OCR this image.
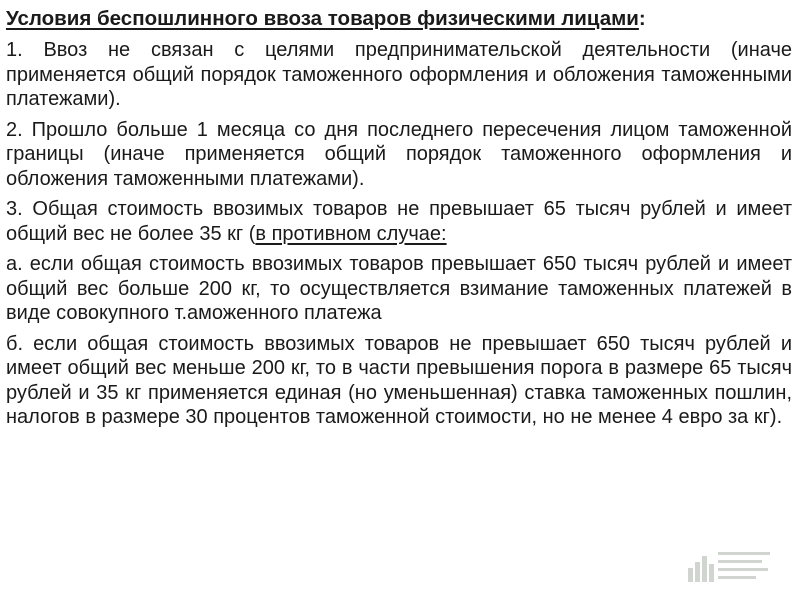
Условия беспошлинного ввоза товаров физическими лицами:
1. Ввоз не связан с целями предпринимательской деятельности (иначе применяется общий порядок таможенного оформления и обложения таможенными платежами).
2. Прошло больше 1 месяца со дня последнего пересечения лицом таможенной границы (иначе применяется общий порядок таможенного оформления и обложения таможенными платежами).
3. Общая стоимость ввозимых товаров не превышает 65 тысяч рублей и имеет общий вес не более 35 кг (в противном случае:
а. если общая стоимость ввозимых товаров превышает 650 тысяч рублей и имеет общий вес больше 200 кг, то осуществляется взимание таможенных платежей в виде совокупного т.аможенного платежа
б. если общая стоимость ввозимых товаров не превышает 650 тысяч рублей и имеет общий вес меньше 200 кг, то в части превышения порога в размере 65 тысяч рублей и 35 кг применяется единая (но уменьшенная) ставка таможенных пошлин, налогов в размере 30 процентов таможенной стоимости, но не менее 4 евро за кг).
